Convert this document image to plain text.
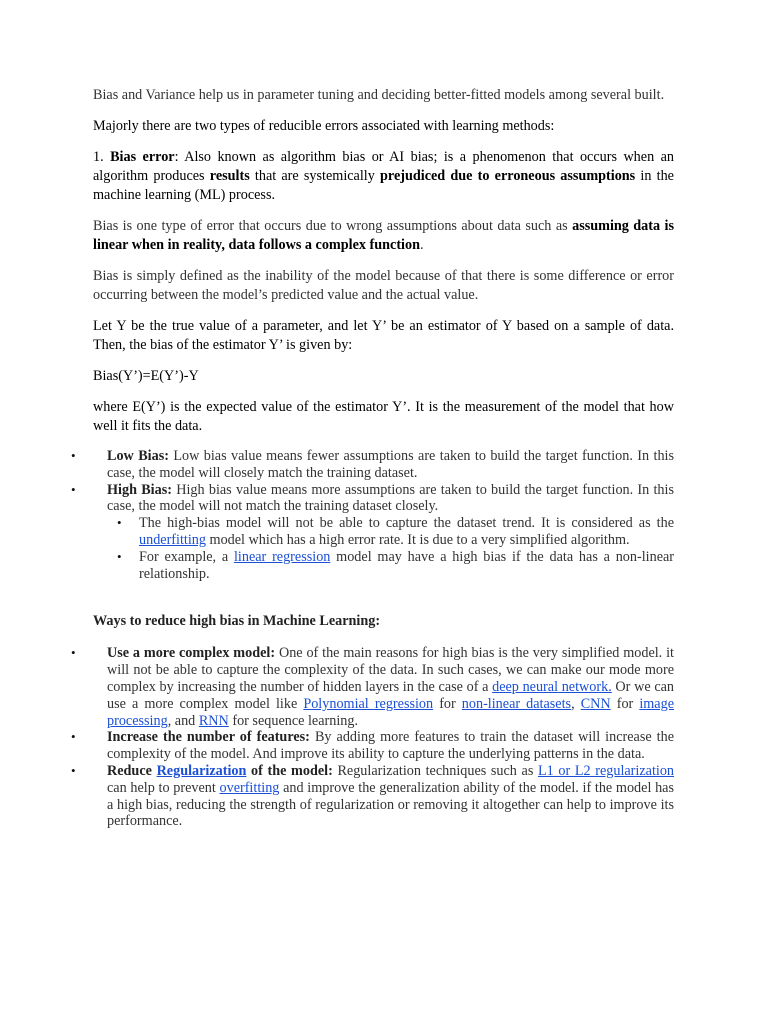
Bias and Variance help us in parameter tuning and deciding better-fitted models among several built.

Majorly there are two types of reducible errors associated with learning methods:

1. Bias error: Also known as algorithm bias or AI bias; is a phenomenon that occurs when an algorithm produces results that are systemically prejudiced due to erroneous assumptions in the machine learning (ML) process.

Bias is one type of error that occurs due to wrong assumptions about data such as assuming data is linear when in reality, data follows a complex function.

Bias is simply defined as the inability of the model because of that there is some difference or error occurring between the model’s predicted value and the actual value.

Let Y be the true value of a parameter, and let Y’ be an estimator of Y based on a sample of data. Then, the bias of the estimator Y’ is given by:

Bias(Y’)=E(Y’)-Y

where E(Y’) is the expected value of the estimator Y’. It is the measurement of the model that how well it fits the data.

• Low Bias: Low bias value means fewer assumptions are taken to build the target function. In this case, the model will closely match the training dataset.
• High Bias: High bias value means more assumptions are taken to build the target function. In this case, the model will not match the training dataset closely.
• The high-bias model will not be able to capture the dataset trend. It is considered as the underfitting model which has a high error rate. It is due to a very simplified algorithm.
• For example, a linear regression model may have a high bias if the data has a non-linear relationship.
Ways to reduce high bias in Machine Learning:
• Use a more complex model: One of the main reasons for high bias is the very simplified model. it will not be able to capture the complexity of the data. In such cases, we can make our mode more complex by increasing the number of hidden layers in the case of a deep neural network. Or we can use a more complex model like Polynomial regression for non-linear datasets, CNN for image processing, and RNN for sequence learning.
• Increase the number of features: By adding more features to train the dataset will increase the complexity of the model. And improve its ability to capture the underlying patterns in the data.
• Reduce Regularization of the model: Regularization techniques such as L1 or L2 regularization can help to prevent overfitting and improve the generalization ability of the model. if the model has a high bias, reducing the strength of regularization or removing it altogether can help to improve its performance.
